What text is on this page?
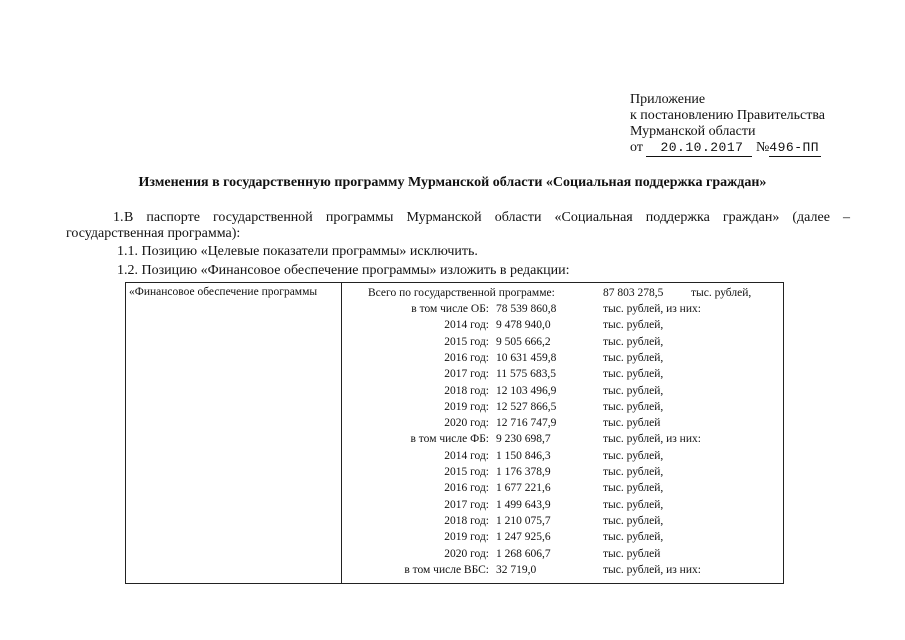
Приложение
к постановлению Правительства
Мурманской области
от 20.10.2017 №496-ПП
Изменения в государственную программу Мурманской области «Социальная поддержка граждан»
1.В паспорте государственной программы Мурманской области «Социальная поддержка граждан» (далее – государственная программа):
1.1. Позицию «Целевые показатели программы» исключить.
1.2. Позицию «Финансовое обеспечение программы» изложить в редакции:
«Финансовое обеспечение программы	Всего по государственной программе:	87 803 278,5 тыс. рублей,
в том числе ОБ: 78 539 860,8	тыс. рублей, из них:
2014 год: 9 478 940,0	тыс. рублей,
2015 год: 9 505 666,2	тыс. рублей,
2016 год: 10 631 459,8	тыс. рублей,
2017 год: 11 575 683,5	тыс. рублей,
2018 год: 12 103 496,9	тыс. рублей,
2019 год: 12 527 866,5	тыс. рублей,
2020 год: 12 716 747,9	тыс. рублей
в том числе ФБ: 9 230 698,7	тыс. рублей, из них:
2014 год: 1 150 846,3	тыс. рублей,
2015 год: 1 176 378,9	тыс. рублей,
2016 год: 1 677 221,6	тыс. рублей,
2017 год: 1 499 643,9	тыс. рублей,
2018 год: 1 210 075,7	тыс. рублей,
2019 год: 1 247 925,6	тыс. рублей,
2020 год: 1 268 606,7	тыс. рублей
в том числе ВБС: 32 719,0	тыс. рублей, из них:
